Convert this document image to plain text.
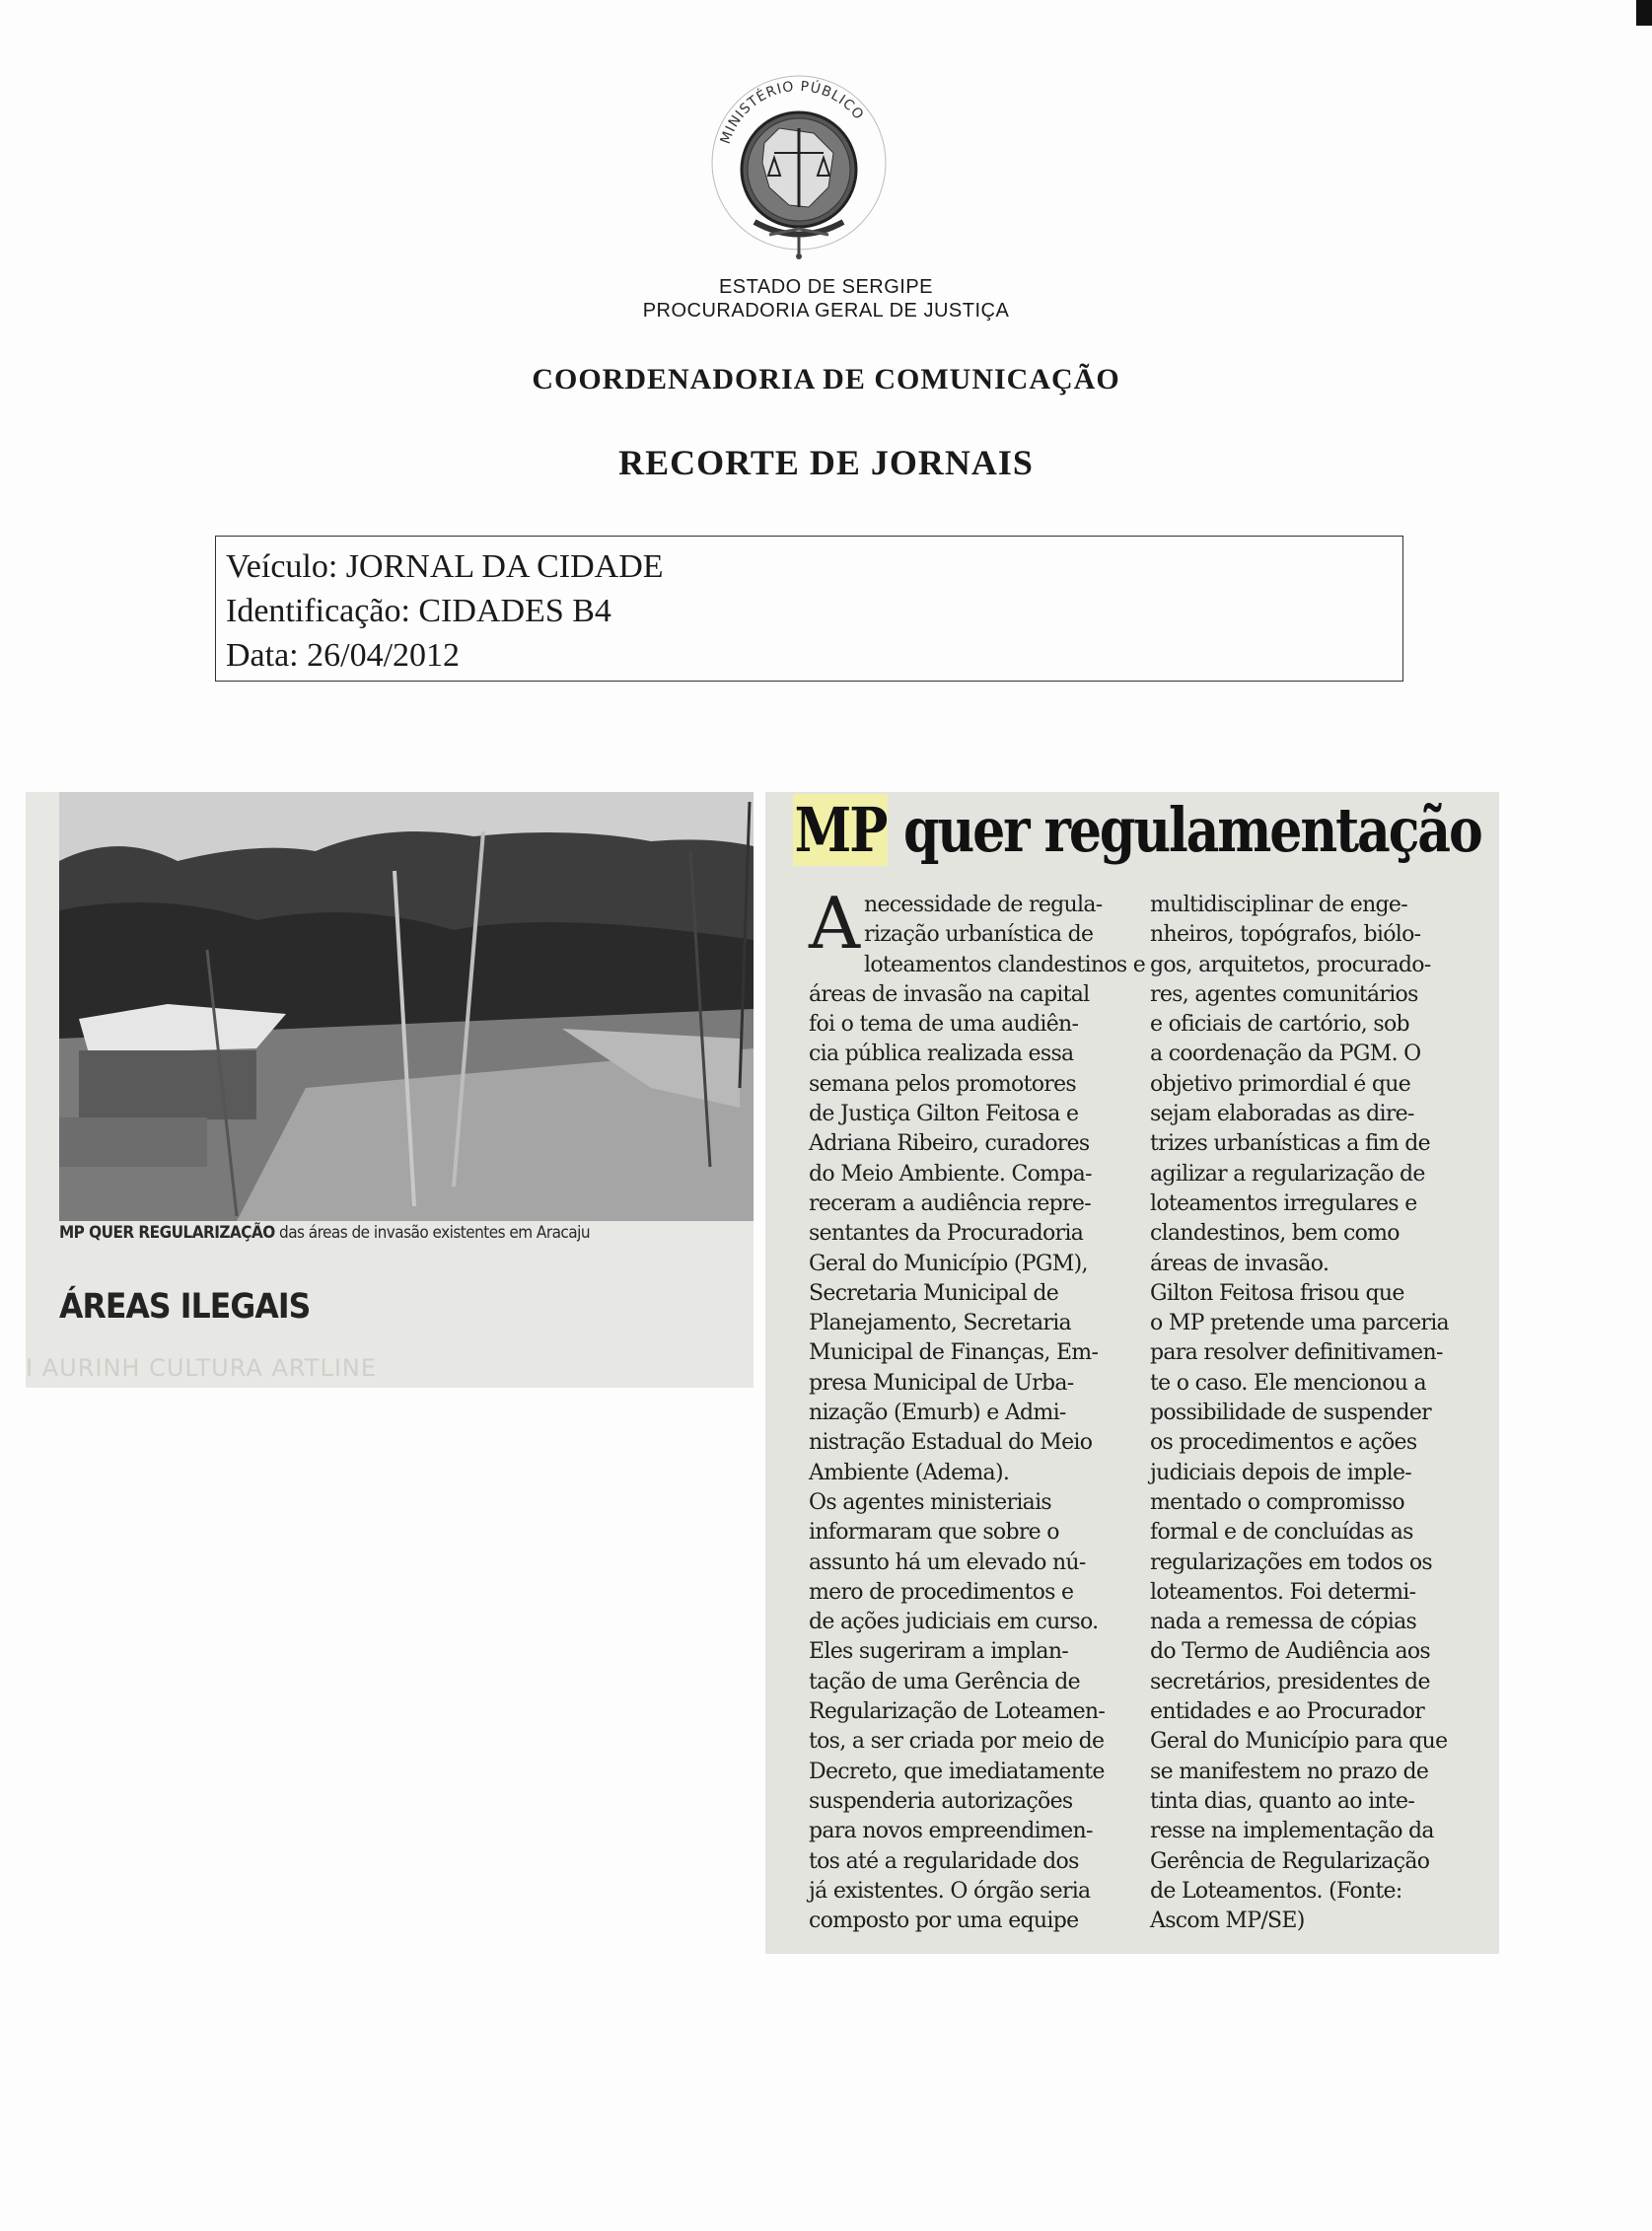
MINISTÉRIO PÚBLICO
ESTADO DE SERGIPE
PROCURADORIA GERAL DE JUSTIÇA
COORDENADORIA DE COMUNICAÇÃO
RECORTE DE JORNAIS
Veículo: JORNAL DA CIDADE
Identificação: CIDADES B4
Data: 26/04/2012
MP QUER REGULARIZAÇÃO das áreas de invasão existentes em Aracaju
ÁREAS ILEGAIS
I AURINH CULTURA ARTLINE
MP quer regulamentação
A necessidade de regula-
rização urbanística de
loteamentos clandestinos e
áreas de invasão na capital
foi o tema de uma audiên-
cia pública realizada essa
semana pelos promotores
de Justiça Gilton Feitosa e
Adriana Ribeiro, curadores
do Meio Ambiente. Compa-
receram a audiência repre-
sentantes da Procuradoria
Geral do Município (PGM),
Secretaria Municipal de
Planejamento, Secretaria
Municipal de Finanças, Em-
presa Municipal de Urba-
nização (Emurb) e Admi-
nistração Estadual do Meio
Ambiente (Adema).
Os agentes ministeriais
informaram que sobre o
assunto há um elevado nú-
mero de procedimentos e
de ações judiciais em curso.
Eles sugeriram a implan-
tação de uma Gerência de
Regularização de Loteamen-
tos, a ser criada por meio de
Decreto, que imediatamente
suspenderia autorizações
para novos empreendimen-
tos até a regularidade dos
já existentes. O órgão seria
composto por uma equipe
multidisciplinar de enge-
nheiros, topógrafos, biólo-
gos, arquitetos, procurado-
res, agentes comunitários
e oficiais de cartório, sob
a coordenação da PGM. O
objetivo primordial é que
sejam elaboradas as dire-
trizes urbanísticas a fim de
agilizar a regularização de
loteamentos irregulares e
clandestinos, bem como
áreas de invasão.
Gilton Feitosa frisou que
o MP pretende uma parceria
para resolver definitivamen-
te o caso. Ele mencionou a
possibilidade de suspender
os procedimentos e ações
judiciais depois de imple-
mentado o compromisso
formal e de concluídas as
regularizações em todos os
loteamentos. Foi determi-
nada a remessa de cópias
do Termo de Audiência aos
secretários, presidentes de
entidades e ao Procurador
Geral do Município para que
se manifestem no prazo de
tinta dias, quanto ao inte-
resse na implementação da
Gerência de Regularização
de Loteamentos. (Fonte:
Ascom MP/SE)
